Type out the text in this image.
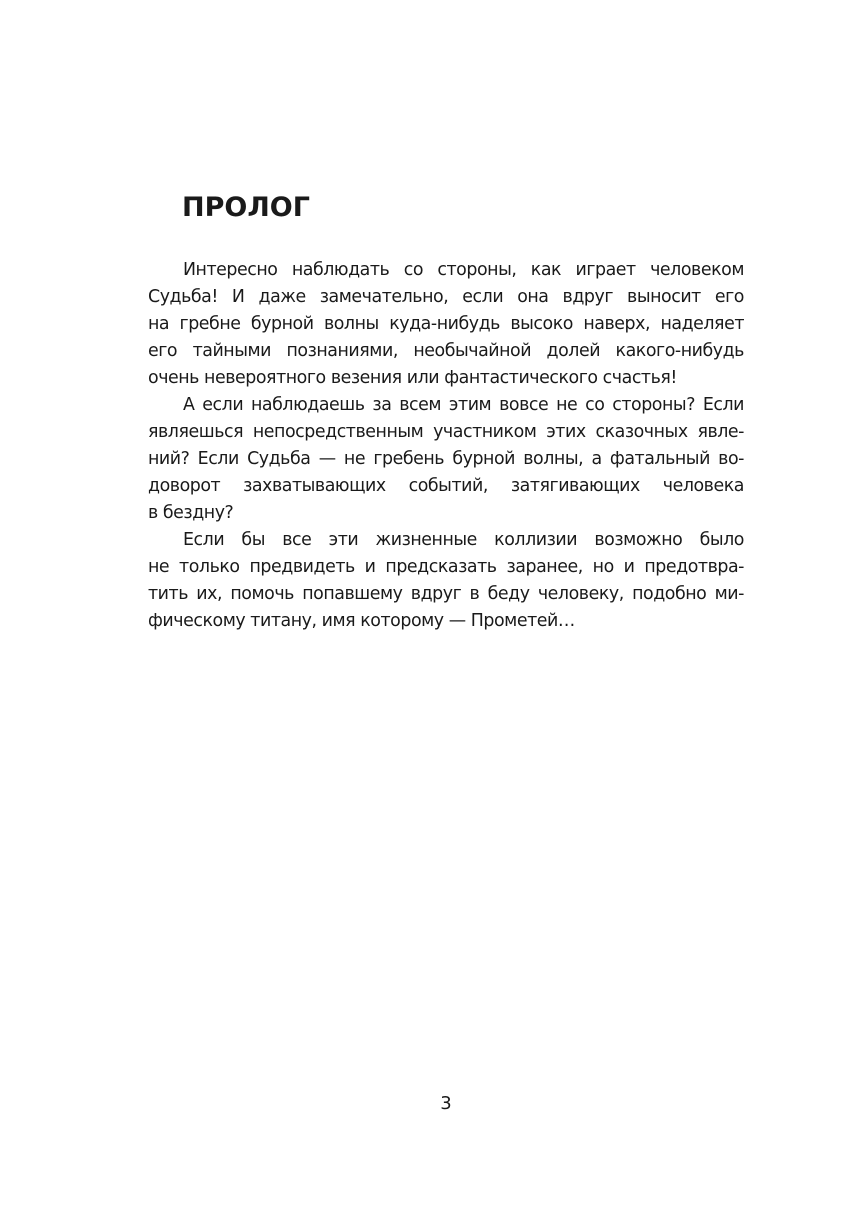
ПРОЛОГ
Интересно наблюдать со стороны, как играет человеком
Судьба! И даже замечательно, если она вдруг выносит его
на гребне бурной волны куда-нибудь высоко наверх, наделяет
его тайными познаниями, необычайной долей какого-нибудь
очень невероятного везения или фантастического счастья!
А если наблюдаешь за всем этим вовсе не со стороны? Если
являешься непосредственным участником этих сказочных явле-
ний? Если Судьба — не гребень бурной волны, а фатальный во-
доворот захватывающих событий, затягивающих человека
в бездну?
Если бы все эти жизненные коллизии возможно было
не только предвидеть и предсказать заранее, но и предотвра-
тить их, помочь попавшему вдруг в беду человеку, подобно ми-
фическому титану, имя которому — Прометей…
3
